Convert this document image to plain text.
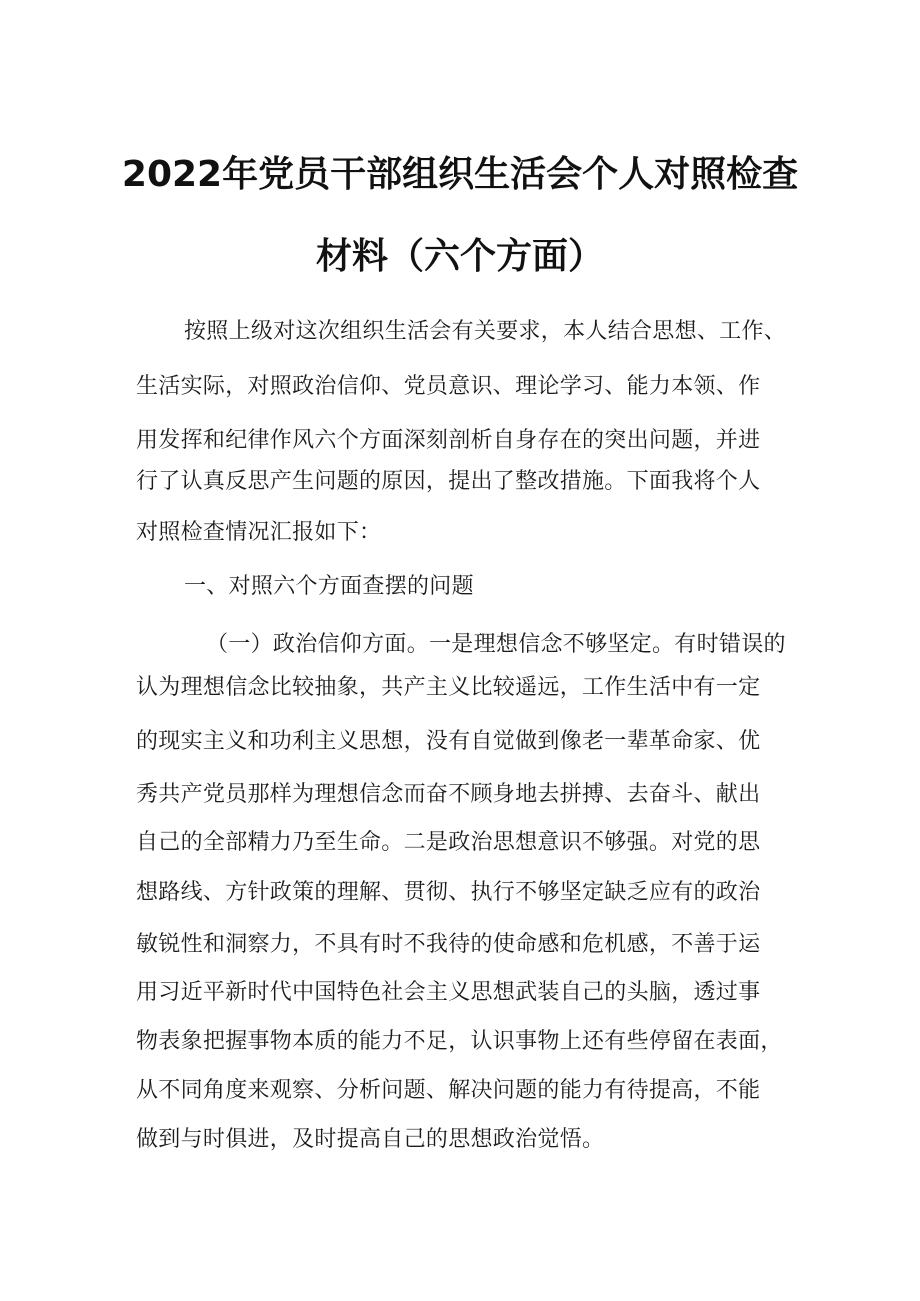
2022年党员干部组织生活会个人对照检查
材料（六个方面）
按照上级对这次组织生活会有关要求，本人结合思想、工作、
生活实际，对照政治信仰、党员意识、理论学习、能力本领、作
用发挥和纪律作风六个方面深刻剖析自身存在的突出问题，并进
行了认真反思产生问题的原因，提出了整改措施。下面我将个人
对照检查情况汇报如下：
一、对照六个方面查摆的问题
（一）政治信仰方面。一是理想信念不够坚定。有时错误的
认为理想信念比较抽象，共产主义比较遥远，工作生活中有一定
的现实主义和功利主义思想，没有自觉做到像老一辈革命家、优
秀共产党员那样为理想信念而奋不顾身地去拼搏、去奋斗、献出
自己的全部精力乃至生命。二是政治思想意识不够强。对党的思
想路线、方针政策的理解、贯彻、执行不够坚定缺乏应有的政治
敏锐性和洞察力，不具有时不我待的使命感和危机感，不善于运
用习近平新时代中国特色社会主义思想武装自己的头脑，透过事
物表象把握事物本质的能力不足，认识事物上还有些停留在表面，
从不同角度来观察、分析问题、解决问题的能力有待提高，不能
做到与时俱进，及时提高自己的思想政治觉悟。
